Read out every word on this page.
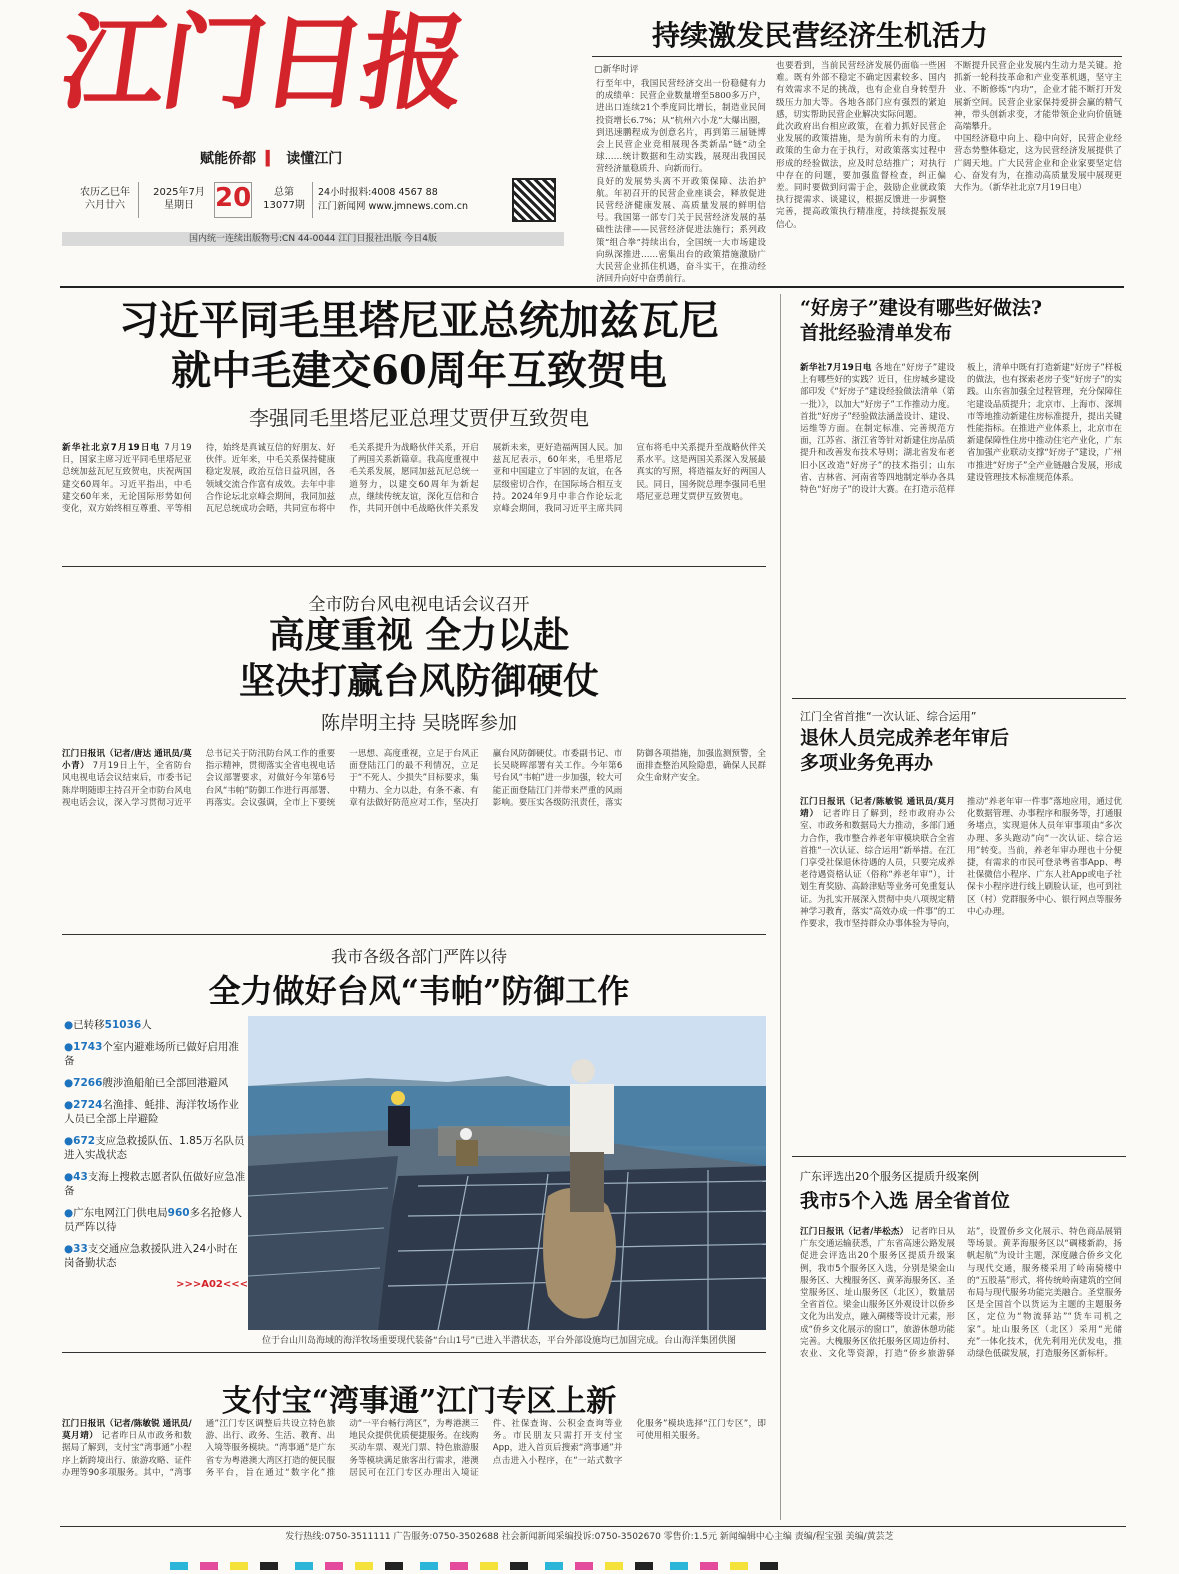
江门日报
赋能侨都  ▍  读懂江门
农历乙巳年
六月廿六
2025年7月
星期日 20	总第
13077期
24小时报料:4008 4567 88
江门新闻网 www.jmnews.com.cn
国内统一连续出版物号:CN 44-0044 江门日报社出版 今日4版
持续激发民营经济生机活力
▢新华时评

行至年中，我国民营经济交出一份稳健有力的成绩单：民营企业数量增至5800多万户，进出口连续21个季度同比增长，制造业民间投资增长6.7%；从“杭州六小龙”大爆出圈，到迅速鹏程成为创意名片，再到第三届链博会上民营企业竞相展现各类新品“链”动全球……统计数据和生动实践，展现出我国民营经济量稳质升、向新而行。

良好的发展势头离不开政策保障、法治护航。年初召开的民营企业座谈会，释放促进民营经济健康发展、高质量发展的鲜明信号。我国第一部专门关于民营经济发展的基础性法律——民营经济促进法施行；系列政策“组合拳”持续出台，全国统一大市场建设向纵深推进……密集出台的政策措施激励广大民营企业抓住机遇，奋斗实干，在推动经济回升向好中奋勇前行。

也要看到，当前民营经济发展仍面临一些困难。既有外部不稳定不确定因素较多、国内有效需求不足的挑战，也有企业自身转型升级压力加大等。各地各部门应有强烈的紧迫感，切实帮助民营企业解决实际问题。

此次政府出台相应政策，在着力抓好民营企业发展的政策措施，是为前所未有的力度。政策的生命力在于执行，对政策落实过程中形成的经验做法，应及时总结推广；对执行中存在的问题，要加强监督检查，纠正偏差。同时要做到问需于企，鼓励企业就政策执行提需求、谈建议，根据反馈进一步调整完善，提高政策执行精准度，持续提振发展信心。

不断提升民营企业发展内生动力是关键。抢抓新一轮科技革命和产业变革机遇，坚守主业、不断修炼“内功”，企业才能不断打开发展新空间。民营企业家保持爱拼会赢的精气神，带头创新求变，才能带领企业向价值链高端攀升。

中国经济稳中向上、稳中向好，民营企业经营态势整体稳定，这为民营经济发展提供了广阔天地。广大民营企业和企业家要坚定信心、奋发有为，在推动高质量发展中展现更大作为。（新华社北京7月19日电）

习近平同毛里塔尼亚总统加兹瓦尼
就中毛建交60周年互致贺电
李强同毛里塔尼亚总理艾贾伊互致贺电
新华社北京7月19日电 7月19日，国家主席习近平同毛里塔尼亚总统加兹瓦尼互致贺电，庆祝两国建交60周年。习近平指出，中毛建交60年来，无论国际形势如何变化，双方始终相互尊重、平等相待，始终是真诚互信的好朋友、好伙伴。近年来，中毛关系保持健康稳定发展，政治互信日益巩固，各领域交流合作富有成效。去年中非合作论坛北京峰会期间，我同加兹瓦尼总统成功会晤，共同宣布将中毛关系提升为战略伙伴关系，开启了两国关系新篇章。我高度重视中毛关系发展，愿同加兹瓦尼总统一道努力，以建交60周年为新起点，继续传统友谊，深化互信和合作，共同开创中毛战略伙伴关系发展新未来，更好造福两国人民。加兹瓦尼表示，60年来，毛里塔尼亚和中国建立了牢固的友谊，在各层级密切合作，在国际场合相互支持。2024年9月中非合作论坛北京峰会期间，我同习近平主席共同宣布将毛中关系提升至战略伙伴关系水平。这是两国关系深入发展最真实的写照，将造福友好的两国人民。同日，国务院总理李强同毛里塔尼亚总理艾贾伊互致贺电。
全市防台风电视电话会议召开
高度重视 全力以赴
坚决打赢台风防御硬仗
陈岸明主持 吴晓晖参加
江门日报讯（记者/唐达 通讯员/莫小青） 7月19日上午，全省防台风电视电话会议结束后，市委书记陈岸明随即主持召开全市防台风电视电话会议，深入学习贯彻习近平总书记关于防汛防台风工作的重要指示精神，贯彻落实全省电视电话会议部署要求，对做好今年第6号台风“韦帕”防御工作进行再部署、再落实。会议强调，全市上下要统一思想、高度重视，立足于台风正面登陆江门的最不利情况，立足于“不死人、少损失”目标要求，集中精力、全力以赴，有条不紊、有章有法做好防范应对工作，坚决打赢台风防御硬仗。市委副书记、市长吴晓晖部署有关工作。今年第6号台风“韦帕”进一步加强，较大可能正面登陆江门并带来严重的风雨影响。要压实各级防汛责任，落实防御各项措施，加强监测预警，全面排查整治风险隐患，确保人民群众生命财产安全。
我市各级各部门严阵以待
全力做好台风“韦帕”防御工作
●已转移51036人
●1743个室内避难场所已做好启用准备
●7266艘涉渔船舶已全部回港避风
●2724名渔排、蚝排、海洋牧场作业人员已全部上岸避险
●672支应急救援队伍、1.85万名队员进入实战状态
●43支海上搜救志愿者队伍做好应急准备
●广东电网江门供电局960多名抢修人员严阵以待
●33支交通应急救援队进入24小时在岗备勤状态
>>>A02<<<
位于台山川岛海域的海洋牧场重要现代装备“台山1号”已进入半潜状态，平台外部设施均已加固完成。台山海洋集团供图
支付宝“湾事通”江门专区上新
江门日报讯（记者/陈敏锐 通讯员/莫月靖） 记者昨日从市政务和数据局了解到，支付宝“湾事通”小程序上新跨境出行、旅游攻略、证件办理等90多项服务。其中，“湾事通”江门专区调整后共设立特色旅游、出行、政务、生活、教育、出入境等服务模块。“湾事通”是广东省专为粤港澳大湾区打造的便民服务平台，旨在通过“数字化”推动“一平台畅行湾区”，为粤港澳三地民众提供优质便捷服务。在线购买动车票、观光门票、特色旅游服务等模块满足旅客出行需求，港澳居民可在江门专区办理出入境证件、社保查询、公积金查询等业务。市民朋友只需打开支付宝App，进入首页后搜索“湾事通”并点击进入小程序，在“一站式数字化服务”模块选择“江门专区”，即可使用相关服务。
“好房子”建设有哪些好做法?
首批经验清单发布
新华社7月19日电 各地在“好房子”建设上有哪些好的实践？近日，住房城乡建设部印发《“好房子”建设经验做法清单（第一批）》，以加大“好房子”工作推动力度。首批“好房子”经验做法涵盖设计、建设、运维等方面。在制定标准、完善规范方面，江苏省、浙江省等针对新建住房品质提升和改善发布技术导则；湖北省发布老旧小区改造“好房子”的技术指引；山东省、吉林省、河南省等四地制定举办各具特色“好房子”的设计大赛。在打造示范样板上，清单中既有打造新建“好房子”样板的做法，也有探索老房子变“好房子”的实践。山东省加强全过程管理，充分保障住宅建设品质提升；北京市、上海市、深圳市等地推动新建住房标准提升，提出关键性能指标。在推进产业体系上，北京市在新建保障性住房中推动住宅产业化，广东省加强产业联动支撑“好房子”建设，广州市推进“好房子”全产业链融合发展，形成建设管理技术标准规范体系。
江门全省首推“一次认证、综合运用”
退休人员完成养老年审后
多项业务免再办
江门日报讯（记者/陈敏锐 通讯员/莫月靖） 记者昨日了解到，经市政府办公室、市政务和数据局大力推动，多部门通力合作，我市整合养老年审模块联合全省首推“一次认证、综合运用”新举措。在江门享受社保退休待遇的人员，只要完成养老待遇资格认证（俗称“养老年审”），计划生育奖励、高龄津贴等业务可免重复认证。为扎实开展深入贯彻中央八项规定精神学习教育，落实“高效办成一件事”的工作要求，我市坚持群众办事体验为导向，推动“养老年审一件事”落地应用，通过优化数据管理、办事程序和服务等，打通服务堵点，实现退休人员年审事项由“多次办理、多头跑动”向“一次认证、综合运用”转变。当前，养老年审办理也十分便捷，有需求的市民可登录粤省事App、粤社保微信小程序、广东人社App或电子社保卡小程序进行线上刷脸认证，也可到社区（村）党群服务中心、银行网点等服务中心办理。
广东评选出20个服务区提质升级案例
我市5个入选 居全省首位
江门日报讯（记者/毕松杰） 记者昨日从广东交通运输获悉，广东省高速公路发展促进会评选出20个服务区提质升级案例，我市5个服务区入选，分别是梁金山服务区、大槐服务区、黄茅海服务区、圣堂服务区、址山服务区（北区），数量居全省首位。梁金山服务区外观设计以侨乡文化为出发点，融入碉楼等设计元素，形成“侨乡文化展示的窗口”，旅游休憩功能完善。大槐服务区依托服务区周边侨村、农业、文化等资源，打造“侨乡旅游驿站”，设置侨乡文化展示、特色商品展销等场景。黄茅海服务区以“碉楼新韵，扬帆起航”为设计主题，深度融合侨乡文化与现代交通，服务楼采用了岭南骑楼中的“五股基”形式，将传统岭南建筑的空间布局与现代服务功能完美融合。圣堂服务区是全国首个以货运为主题的主题服务区，定位为“物流驿站”“货车司机之家”。址山服务区（北区）采用“光储充”一体化技术，优先利用光伏发电，推动绿色低碳发展，打造服务区新标杆。
发行热线:0750-3511111 广告服务:0750-3502688 社会新闻新闻采编投诉:0750-3502670 零售价:1.5元 新闻编辑中心主编 责编/程宝强 美编/黄芸芝
